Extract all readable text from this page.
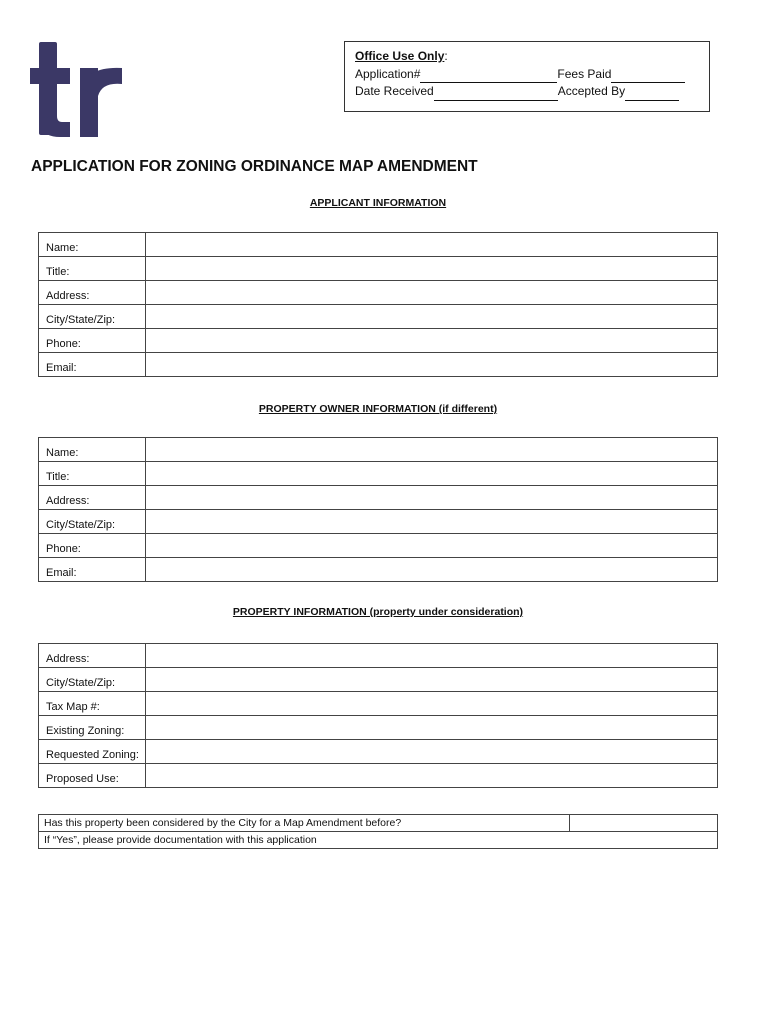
Office Use Only:
Application#	Fees Paid
Date Received	Accepted By
APPLICATION FOR ZONING ORDINANCE MAP AMENDMENT
APPLICANT INFORMATION
Name:	
Title:	
Address:	
City/State/Zip:	
Phone:	
Email:	
PROPERTY OWNER INFORMATION (if different)
Name:	
Title:	
Address:	
City/State/Zip:	
Phone:	
Email:	
PROPERTY INFORMATION (property under consideration)
Address:	
City/State/Zip:	
Tax Map #:	
Existing Zoning:	
Requested Zoning:	
Proposed Use:	
Has this property been considered by the City for a Map Amendment before?	
If “Yes”, please provide documentation with this application
